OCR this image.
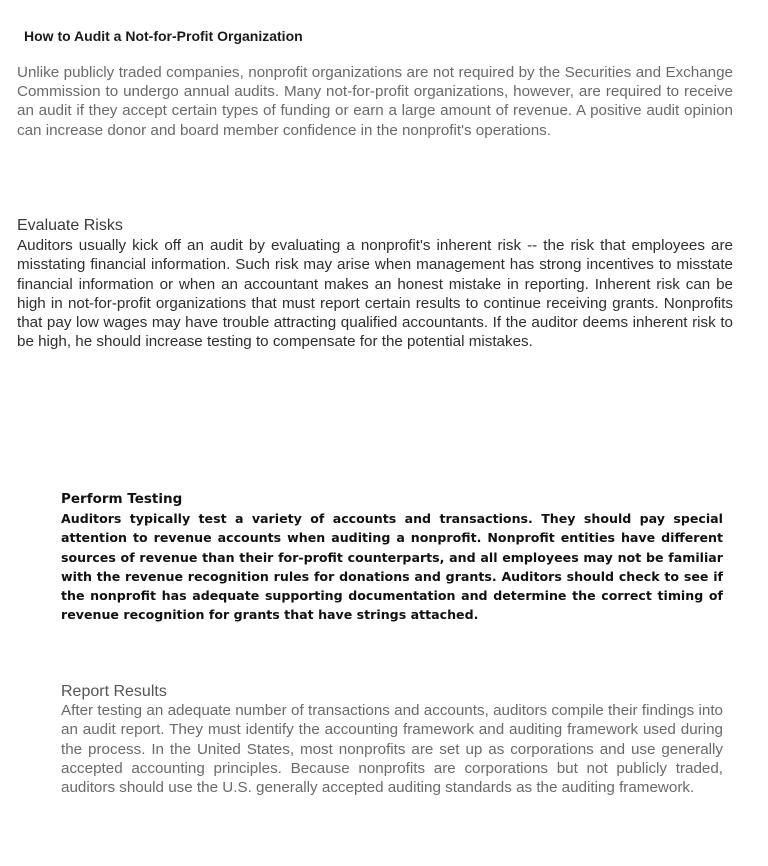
How to Audit a Not-for-Profit Organization

Unlike publicly traded companies, nonprofit organizations are not required by the Securities and Exchange Commission to undergo annual audits. Many not-for-profit organizations, however, are required to receive an audit if they accept certain types of funding or earn a large amount of revenue. A positive audit opinion can increase donor and board member confidence in the nonprofit's operations.

Evaluate Risks

Auditors usually kick off an audit by evaluating a nonprofit's inherent risk -- the risk that employees are misstating financial information. Such risk may arise when management has strong incentives to misstate financial information or when an accountant makes an honest mistake in reporting. Inherent risk can be high in not-for-profit organizations that must report certain results to continue receiving grants. Nonprofits that pay low wages may have trouble attracting qualified accountants. If the auditor deems inherent risk to be high, he should increase testing to compensate for the potential mistakes.

Perform Testing

Auditors typically test a variety of accounts and transactions. They should pay special attention to revenue accounts when auditing a nonprofit. Nonprofit entities have different sources of revenue than their for-profit counterparts, and all employees may not be familiar with the revenue recognition rules for donations and grants. Auditors should check to see if the nonprofit has adequate supporting documentation and determine the correct timing of revenue recognition for grants that have strings attached.

Report Results

After testing an adequate number of transactions and accounts, auditors compile their findings into an audit report. They must identify the accounting framework and auditing framework used during the process. In the United States, most nonprofits are set up as corporations and use generally accepted accounting principles. Because nonprofits are corporations but not publicly traded, auditors should use the U.S. generally accepted auditing standards as the auditing framework.
